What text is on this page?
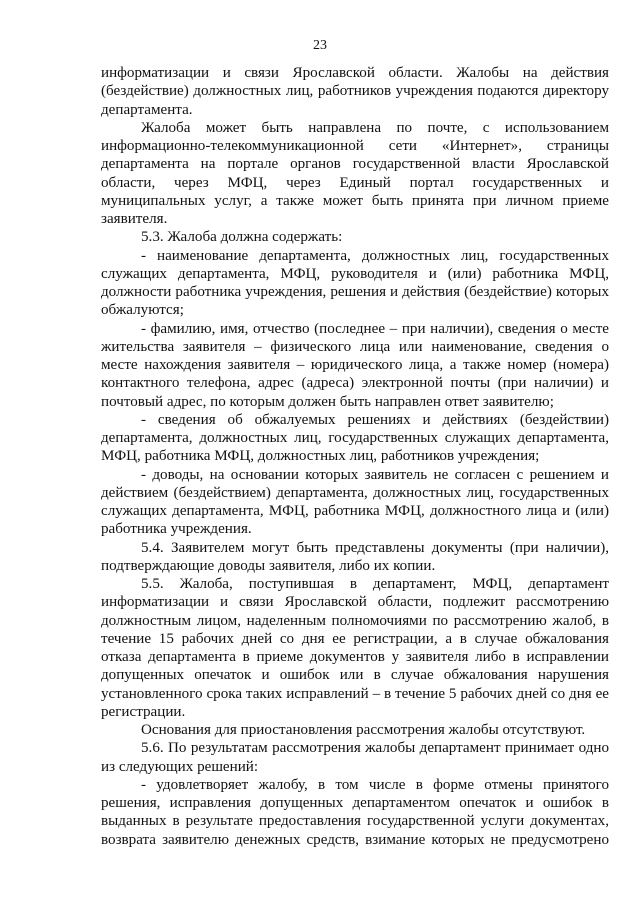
23

информатизации и связи Ярославской области. Жалобы на действия (бездействие) должностных лиц, работников учреждения подаются директору департамента.

Жалоба может быть направлена по почте, с использованием информационно-телекоммуникационной сети «Интернет», страницы департамента на портале органов государственной власти Ярославской области, через МФЦ, через Единый портал государственных и муниципальных услуг, а также может быть принята при личном приеме заявителя.

5.3. Жалоба должна содержать:

- наименование департамента, должностных лиц, государственных служащих департамента, МФЦ, руководителя и (или) работника МФЦ, должности работника учреждения, решения и действия (бездействие) которых обжалуются;

- фамилию, имя, отчество (последнее – при наличии), сведения о месте жительства заявителя – физического лица или наименование, сведения о месте нахождения заявителя – юридического лица, а также номер (номера) контактного телефона, адрес (адреса) электронной почты (при наличии) и почтовый адрес, по которым должен быть направлен ответ заявителю;

- сведения об обжалуемых решениях и действиях (бездействии) департамента, должностных лиц, государственных служащих департамента, МФЦ, работника МФЦ, должностных лиц, работников учреждения;

- доводы, на основании которых заявитель не согласен с решением и действием (бездействием) департамента, должностных лиц, государственных служащих департамента, МФЦ, работника МФЦ, должностного лица и (или) работника учреждения.

5.4. Заявителем могут быть представлены документы (при наличии), подтверждающие доводы заявителя, либо их копии.

5.5. Жалоба, поступившая в департамент, МФЦ, департамент информатизации и связи Ярославской области, подлежит рассмотрению должностным лицом, наделенным полномочиями по рассмотрению жалоб, в течение 15 рабочих дней со дня ее регистрации, а в случае обжалования отказа департамента в приеме документов у заявителя либо в исправлении допущенных опечаток и ошибок или в случае обжалования нарушения установленного срока таких исправлений – в течение 5 рабочих дней со дня ее регистрации.

Основания для приостановления рассмотрения жалобы отсутствуют.

5.6. По результатам рассмотрения жалобы департамент принимает одно из следующих решений:

- удовлетворяет жалобу, в том числе в форме отмены принятого решения, исправления допущенных департаментом опечаток и ошибок в выданных в результате предоставления государственной услуги документах, возврата заявителю денежных средств, взимание которых не предусмотрено
